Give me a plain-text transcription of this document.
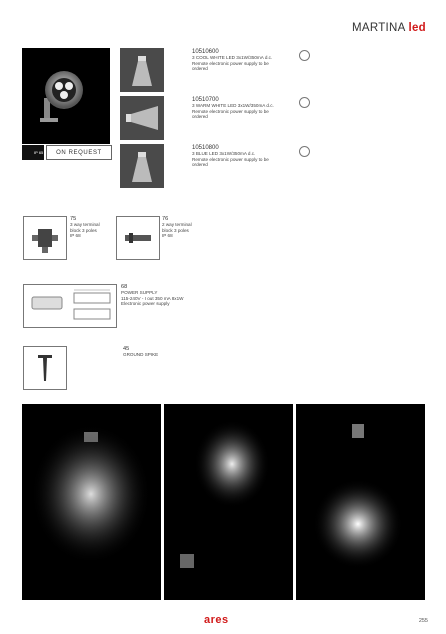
MARTINA led
IP 65	ON REQUEST
10510600
3 COOL WHITE LED 3x1W/350mA d.c.
Remote electronic power supply to be
ordered
10510700
3 WARM WHITE LED 3x1W/350mA d.c.
Remote electronic power supply to be
ordered
10510800
3 BLUE LED 3x1W/350mA d.c.
Remote electronic power supply to be
ordered
75
3 way terminal
block 3 poles
IP 68
76
2 way terminal
block 3 poles
IP 68
68
POWER SUPPLY
115-240V - I out 350 mA 8x1W
Electronic power supply
45
GROUND SPIKE
ares	255
